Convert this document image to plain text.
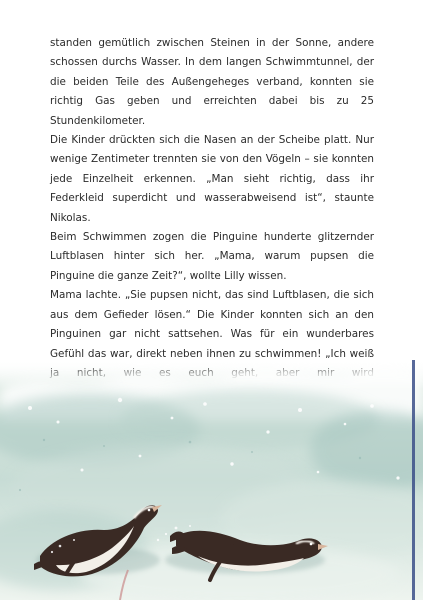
standen gemütlich zwischen Steinen in der Sonne, andere schossen durchs Wasser. In dem langen Schwimmtunnel, der die beiden Teile des Außengeheges verband, konnten sie richtig Gas geben und erreichten dabei bis zu 25 Stundenkilometer.

Die Kinder drückten sich die Nasen an der Scheibe platt. Nur wenige Zentimeter trennten sie von den Vögeln – sie konnten jede Einzelheit erkennen. „Man sieht richtig, dass ihr Federkleid superdicht und wasserabweisend ist“, staunte Nikolas.

Beim Schwimmen zogen die Pinguine hunderte glitzernder Luftblasen hinter sich her. „Mama, warum pupsen die Pinguine die ganze Zeit?“, wollte Lilly wissen.

Mama lachte. „Sie pupsen nicht, das sind Luftblasen, die sich aus dem Gefieder lösen.“ Die Kinder konnten sich an den Pinguinen gar nicht sattsehen. Was für ein wunderbares Gefühl das war, direkt neben ihnen zu schwimmen! „Ich weiß
